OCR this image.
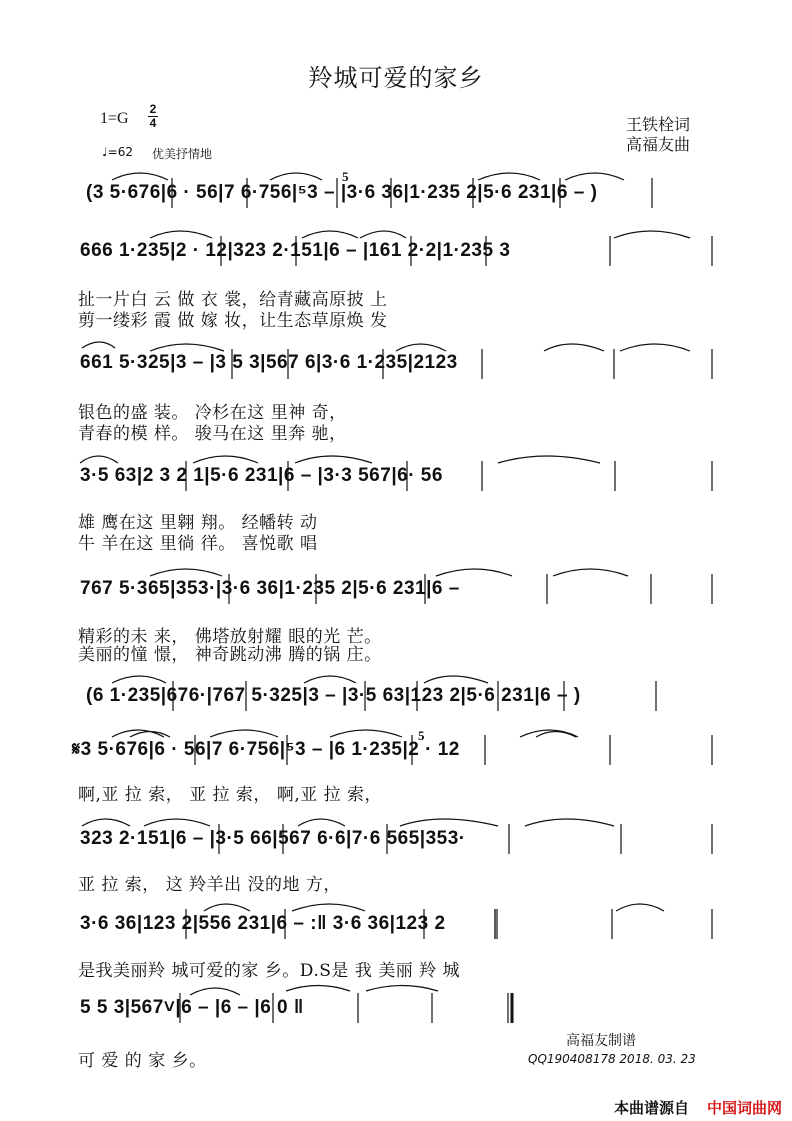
羚城可爱的家乡
1=G
2
4
♩=62 优美抒情地
王铁栓词
高福友曲
5
5
(3 5·676|6 · 56|7 6·756|⁵3 – |3·6 36|1·235 2|5·6 231|6 – )
666 1·235|2 · 12|323 2·151|6 – |161 2·2|1·235 3
661 5·325|3 – |3 5 3|567 6|3·6 1·235|2123
3·5 63|2 3 2 1|5·6 231|6 – |3·3 567|6· 56
767 5·365|353·|3·6 36|1·235 2|5·6 231|6 –
(6 1·235|676·|767 5·325|3 – |3·5 63|123 2|5·6 231|6 – )
𝄋3 5·676|6 · 56|7 6·756|⁵3 – |6 1·235|2 · 12
323 2·151|6 – |3·5 66|567 6·6|7·6 565|353·
3·6 36|123 2|556 231|6 – :‖ 3·6 36|123 2
5 5 3|567˅|6 – |6 – |6 0 ‖
扯一片白 云 做 衣 裳，给青藏高原披 上
剪一缕彩 霞 做 嫁 妆，让生态草原焕 发
银色的盛 装。 冷杉在这 里神 奇，
青春的模 样。 骏马在这 里奔 驰，
雄 鹰在这 里翱 翔。 经幡转 动
牛 羊在这 里徜 徉。 喜悦歌 唱
精彩的未 来， 佛塔放射耀 眼的光 芒。
美丽的憧 憬， 神奇跳动沸 腾的锅 庄。
啊,亚 拉 索， 亚 拉 索， 啊,亚 拉 索，
亚 拉 索， 这 羚羊出 没的地 方，
是我美丽羚 城可爱的家 乡。D.S是 我 美丽 羚 城
可 爱 的 家 乡。
高福友制谱
QQ190408178 2018. 03. 23
本曲谱源自 中国词曲网
